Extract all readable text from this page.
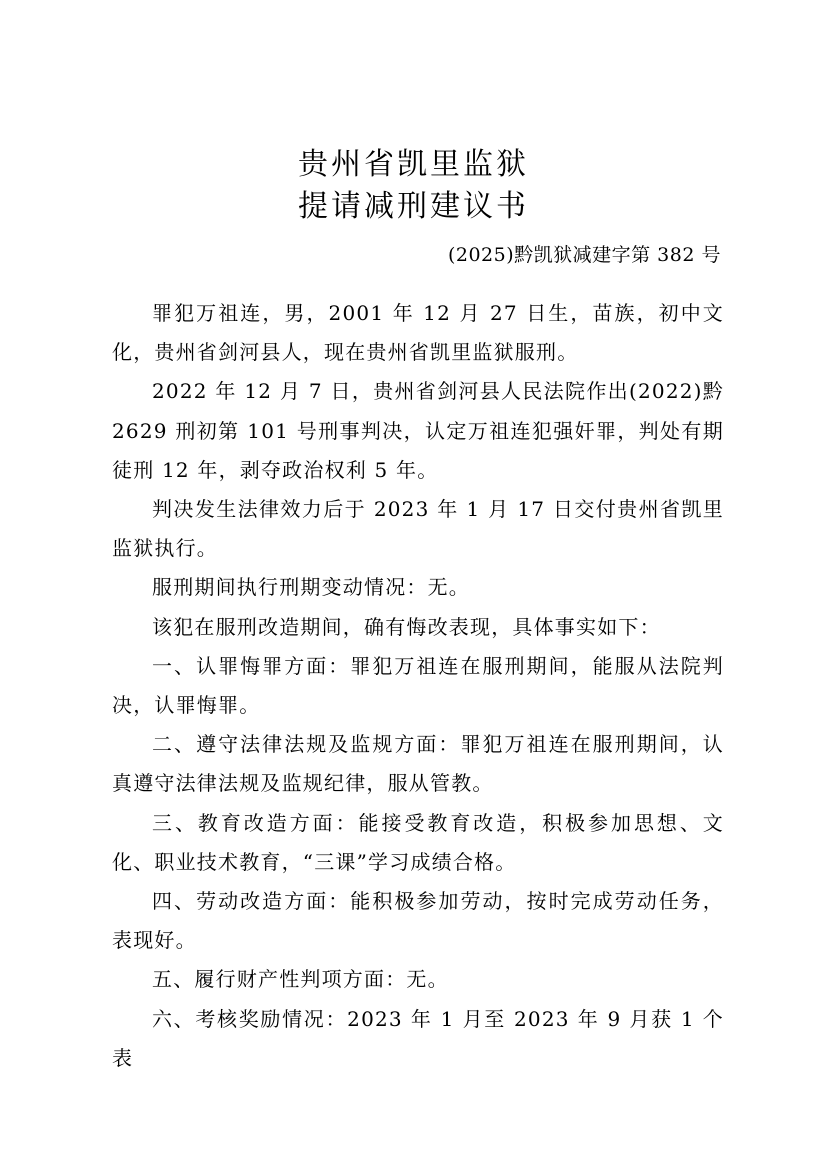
贵州省凯里监狱
提请减刑建议书
(2025)黔凯狱减建字第 382 号

罪犯万祖连，男，2001 年 12 月 27 日生，苗族，初中文化，贵州省剑河县人，现在贵州省凯里监狱服刑。

2022 年 12 月 7 日，贵州省剑河县人民法院作出(2022)黔 2629 刑初第 101 号刑事判决，认定万祖连犯强奸罪，判处有期徒刑 12 年，剥夺政治权利 5 年。

判决发生法律效力后于 2023 年 1 月 17 日交付贵州省凯里监狱执行。

服刑期间执行刑期变动情况：无。

该犯在服刑改造期间，确有悔改表现，具体事实如下：

一、认罪悔罪方面：罪犯万祖连在服刑期间，能服从法院判决，认罪悔罪。

二、遵守法律法规及监规方面：罪犯万祖连在服刑期间，认真遵守法律法规及监规纪律，服从管教。

三、教育改造方面：能接受教育改造，积极参加思想、文化、职业技术教育，“三课”学习成绩合格。

四、劳动改造方面：能积极参加劳动，按时完成劳动任务，表现好。

五、履行财产性判项方面：无。

六、考核奖励情况：2023 年 1 月至 2023 年 9 月获 1 个表
